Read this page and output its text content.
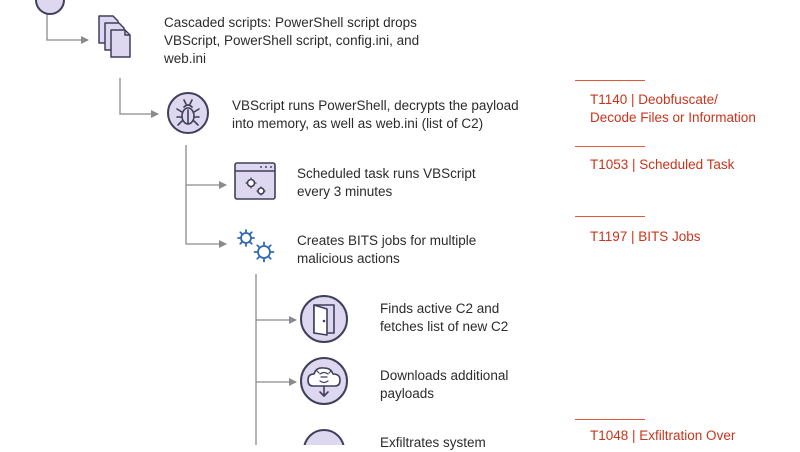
Cascaded scripts: PowerShell script drops
VBScript, PowerShell script, config.ini, and
web.ini
VBScript runs PowerShell, decrypts the payload
into memory, as well as web.ini (list of C2)
Scheduled task runs VBScript
every 3 minutes
Creates BITS jobs for multiple
malicious actions
Finds active C2 and
fetches list of new C2
Downloads additional
payloads
Exfiltrates system
T1140 | Deobfuscate/
Decode Files or Information
T1053 | Scheduled Task
T1197 | BITS Jobs
T1048 | Exfiltration Over
